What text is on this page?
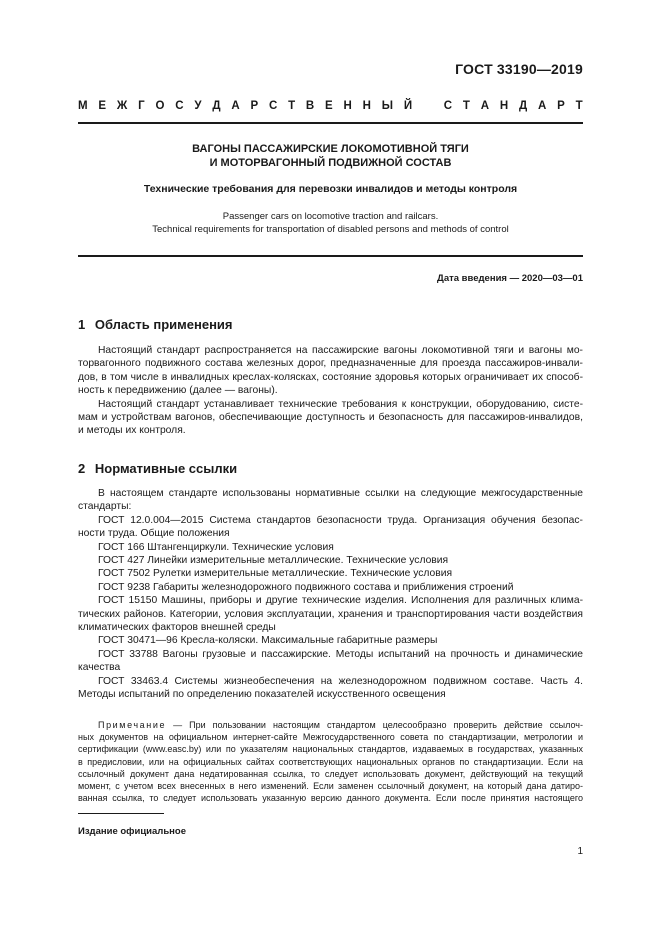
ГОСТ 33190—2019
М Е Ж Г О С У Д А Р С Т В Е Н Н Ы Й	С Т А Н Д А Р Т
ВАГОНЫ ПАССАЖИРСКИЕ ЛОКОМОТИВНОЙ ТЯГИ
И МОТОРВАГОННЫЙ ПОДВИЖНОЙ СОСТАВ
Технические требования для перевозки инвалидов и методы контроля
Passenger cars on locomotive traction and railcars.
Technical requirements for transportation of disabled persons and methods of control
Дата введения — 2020—03—01
1 Область применения
Настоящий стандарт распространяется на пассажирские вагоны локомотивной тяги и вагоны мо-
торвагонного подвижного состава железных дорог, предназначенные для проезда пассажиров-инвали-
дов, в том числе в инвалидных креслах-колясках, состояние здоровья которых ограничивает их способ-
ность к передвижению (далее — вагоны).
Настоящий стандарт устанавливает технические требования к конструкции, оборудованию, систе-
мам и устройствам вагонов, обеспечивающие доступность и безопасность для пассажиров-инвалидов,
и методы их контроля.
2 Нормативные ссылки
В настоящем стандарте использованы нормативные ссылки на следующие межгосударственные
стандарты:
ГОСТ 12.0.004—2015 Система стандартов безопасности труда. Организация обучения безопас-
ности труда. Общие положения
ГОСТ 166 Штангенциркули. Технические условия
ГОСТ 427 Линейки измерительные металлические. Технические условия
ГОСТ 7502 Рулетки измерительные металлические. Технические условия
ГОСТ 9238 Габариты железнодорожного подвижного состава и приближения строений
ГОСТ 15150 Машины, приборы и другие технические изделия. Исполнения для различных клима-
тических районов. Категории, условия эксплуатации, хранения и транспортирования части воздействия
климатических факторов внешней среды
ГОСТ 30471—96 Кресла-коляски. Максимальные габаритные размеры
ГОСТ 33788 Вагоны грузовые и пассажирские. Методы испытаний на прочность и динамические
качества
ГОСТ 33463.4 Системы жизнеобеспечения на железнодорожном подвижном составе. Часть 4.
Методы испытаний по определению показателей искусственного освещения
Примечание — При пользовании настоящим стандартом целесообразно проверить действие ссылоч-
ных документов на официальном интернет-сайте Межгосударственного совета по стандартизации, метрологии и
сертификации (www.easc.by) или по указателям национальных стандартов, издаваемых в государствах, указанных
в предисловии, или на официальных сайтах соответствующих национальных органов по стандартизации. Если на
ссылочный документ дана недатированная ссылка, то следует использовать документ, действующий на текущий
момент, с учетом всех внесенных в него изменений. Если заменен ссылочный документ, на который дана датиро-
ванная ссылка, то следует использовать указанную версию данного документа. Если после принятия настоящего
Издание официальное
1
